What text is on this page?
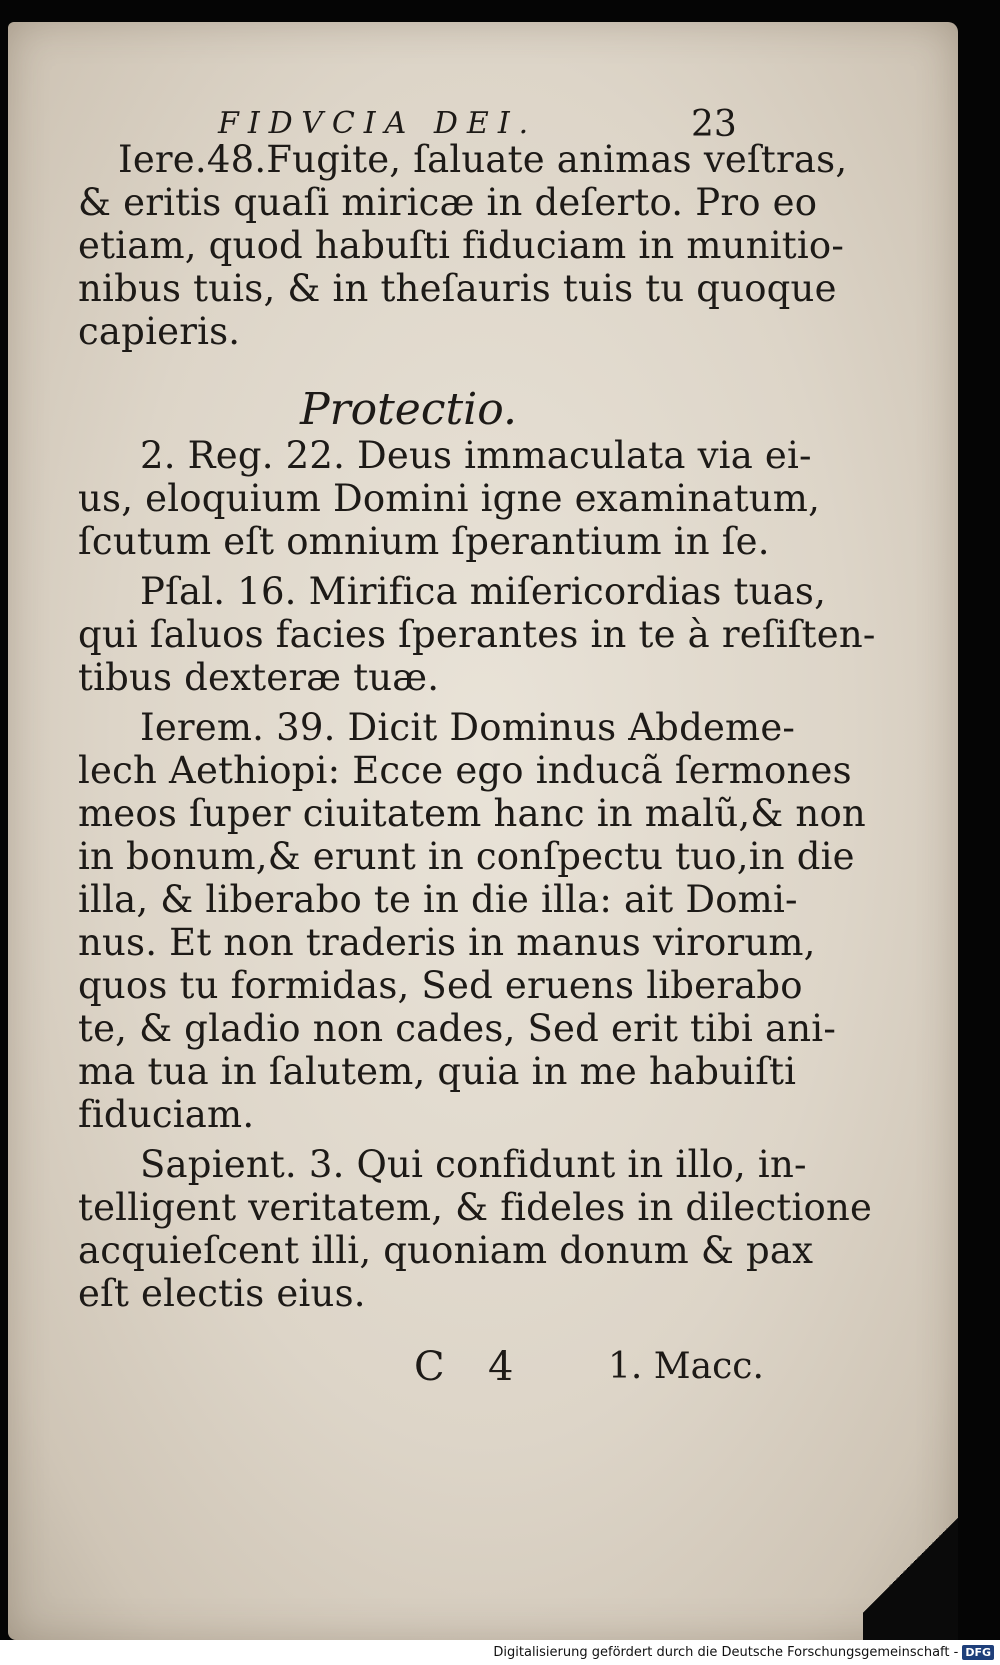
FIDVCIA DEI.	23
Iere.48.Fugite, ſaluate animas veſtras,
& eritis quaſi miricæ in deſerto. Pro eo
etiam, quod habuſti fiduciam in munitio-
nibus tuis, & in theſauris tuis tu quoque
capieris.
Protectio.
2. Reg. 22. Deus immaculata via ei-
us, eloquium Domini igne examinatum,
ſcutum eſt omnium ſperantium in ſe.
Pſal. 16. Mirifica miſericordias tuas,
qui ſaluos facies ſperantes in te à reſiſten-
tibus dexteræ tuæ.
Ierem. 39. Dicit Dominus Abdeme-
lech Aethiopi: Ecce ego inducã ſermones
meos ſuper ciuitatem hanc in malũ,& non
in bonum,& erunt in conſpectu tuo,in die
illa, & liberabo te in die illa: ait Domi-
nus. Et non traderis in manus virorum,
quos tu formidas, Sed eruens liberabo
te, & gladio non cades, Sed erit tibi ani-
ma tua in ſalutem, quia in me habuiſti
fiduciam.
Sapient. 3. Qui confidunt in illo, in-
telligent veritatem, & fideles in dilectione
acquieſcent illi, quoniam donum & pax
eſt electis eius.
C 4	1. Macc.
Digitalisierung gefördert durch die Deutsche Forschungsgemeinschaft - DFG
